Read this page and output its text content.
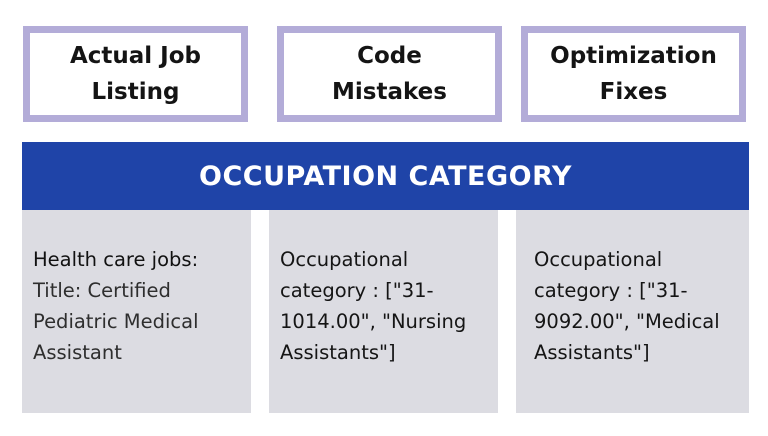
Actual Job
Listing
Code
Mistakes
Optimization
Fixes
OCCUPATION CATEGORY
Health care jobs:
Title: Certified Pediatric Medical Assistant
Occupational category : ["31-1014.00", "Nursing Assistants"]
Occupational category : ["31-9092.00", "Medical Assistants"]
